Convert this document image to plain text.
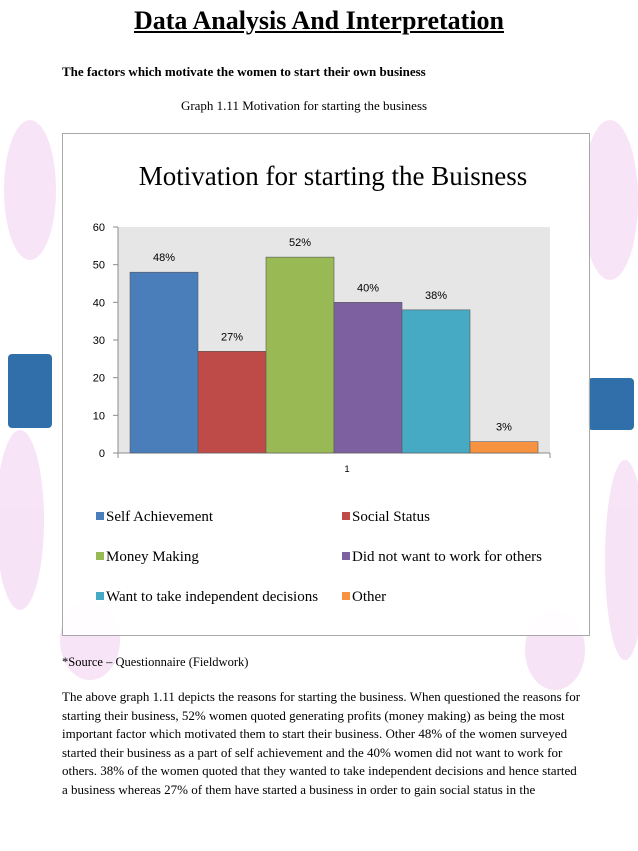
Data Analysis And Interpretation
The factors which motivate the women to start their own business
Graph 1.11 Motivation for starting the business
Motivation for starting the Buisness
0
10
20
30
40
50
60
48%
27%
52%
40%
38%
3%
1
Self Achievement	Social Status
Money Making	Did not want to work for others
Want to take independent decisions Other
*Source – Questionnaire (Fieldwork)

The above graph 1.11 depicts the reasons for starting the business. When questioned the reasons for starting their business, 52% women quoted generating profits (money making) as being the most important factor which motivated them to start their business. Other 48% of the women surveyed started their business as a part of self achievement and the 40% women did not want to work for others. 38% of the women quoted that they wanted to take independent decisions and hence started a business whereas 27% of them have started a business in order to gain social status in the
